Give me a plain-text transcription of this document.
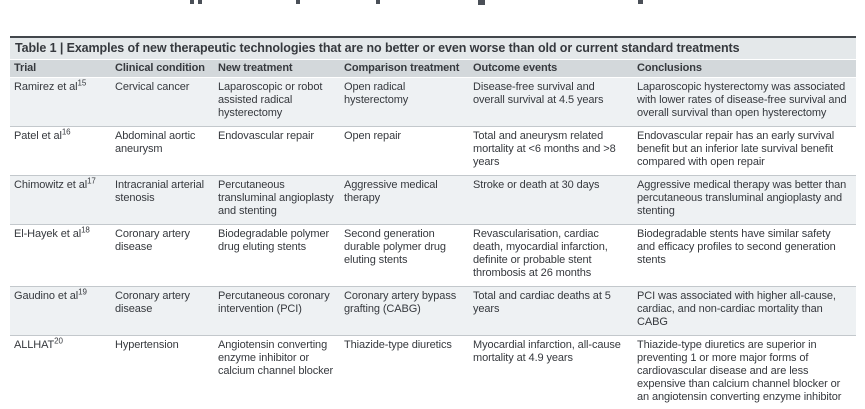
Table 1 | Examples of new therapeutic technologies that are no better or even worse than old or current standard treatments
Trial	Clinical condition	New treatment	Comparison treatment	Outcome events	Conclusions
Ramirez et $al^{15}$	Cervical cancer	Laparoscopic or robot assisted radical hysterectomy	Open radical hysterectomy	Disease-free survival and overall survival at 4.5 years	Laparoscopic hysterectomy was associated with lower rates of disease-free survival and overall survival than open hysterectomy
Patel et $al^{16}$	Abdominal aortic aneurysm	Endovascular repair	Open repair	Total and aneurysm related mortality at <6 months and >8 years	Endovascular repair has an early survival benefit but an inferior late survival benefit compared with open repair
Chimowitz et $al^{17}$	Intracranial arterial stenosis	Percutaneous transluminal angioplasty and stenting	Aggressive medical therapy	Stroke or death at 30 days	Aggressive medical therapy was better than percutaneous transluminal angioplasty and stenting
El-Hayek et $al^{18}$	Coronary artery disease	Biodegradable polymer drug eluting stents	Second generation durable polymer drug eluting stents	Revascularisation, cardiac death, myocardial infarction, definite or probable stent thrombosis at 26 months	Biodegradable stents have similar safety and efficacy profiles to second generation stents
Gaudino et $al^{19}$	Coronary artery disease	Percutaneous coronary intervention (PCI)	Coronary artery bypass grafting (CABG)	Total and cardiac deaths at 5 years	PCI was associated with higher all-cause, cardiac, and non-cardiac mortality than CABG
ALLHAT$^{20}$	Hypertension	Angiotensin converting enzyme inhibitor or calcium channel blocker	Thiazide-type diuretics	Myocardial infarction, all-cause mortality at 4.9 years	Thiazide-type diuretics are superior in preventing 1 or more major forms of cardiovascular disease and are less expensive than calcium channel blocker or an angiotensin converting enzyme inhibitor
